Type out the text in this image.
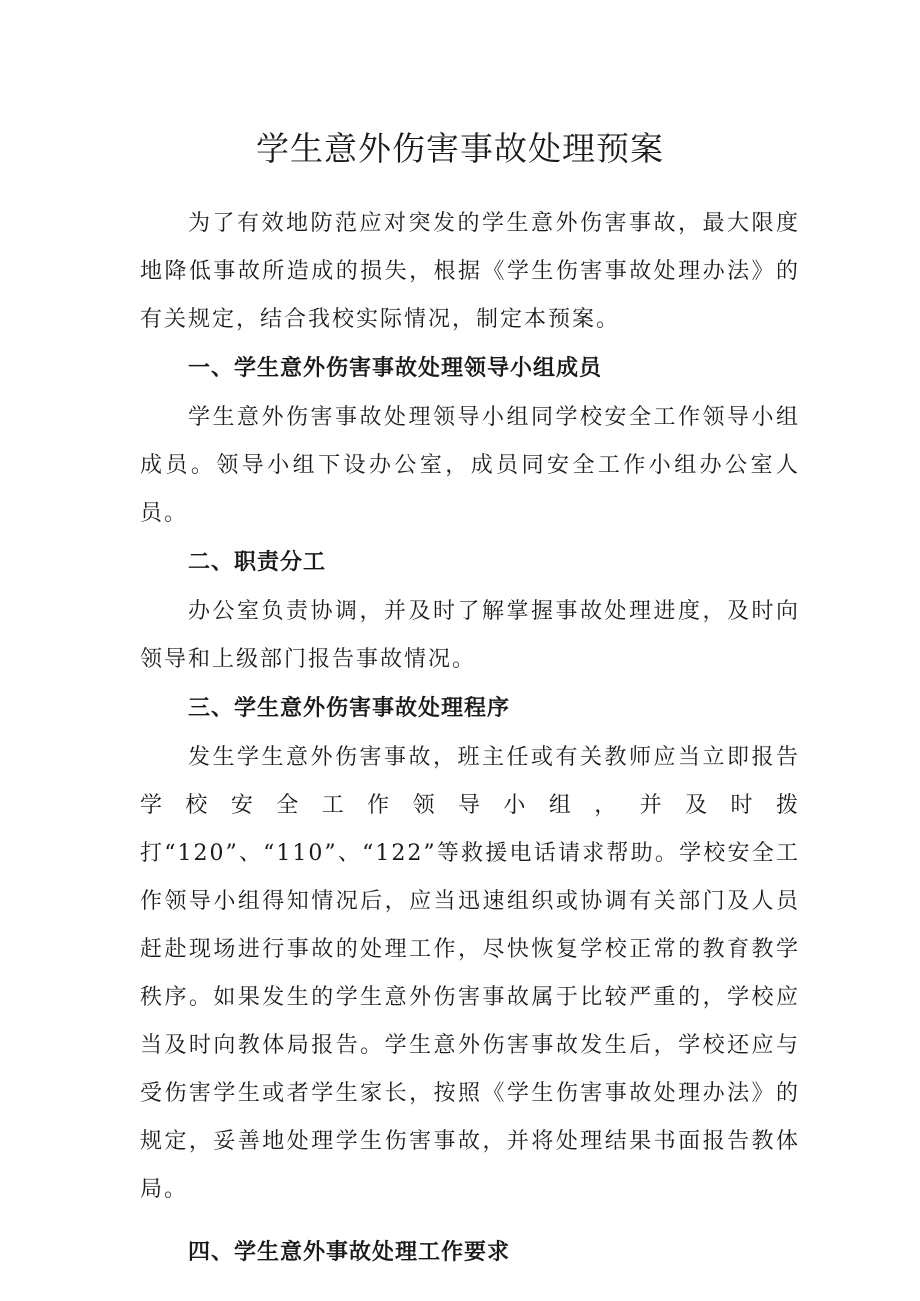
学生意外伤害事故处理预案

为了有效地防范应对突发的学生意外伤害事故，最大限度地降低事故所造成的损失，根据《学生伤害事故处理办法》的有关规定，结合我校实际情况，制定本预案。

一、学生意外伤害事故处理领导小组成员

学生意外伤害事故处理领导小组同学校安全工作领导小组成员。领导小组下设办公室，成员同安全工作小组办公室人员。

二、职责分工

办公室负责协调，并及时了解掌握事故处理进度，及时向领导和上级部门报告事故情况。

三、学生意外伤害事故处理程序

发生学生意外伤害事故，班主任或有关教师应当立即报告学校安全工作领导小组，并及时拨打“120”、“110”、“122”等救援电话请求帮助。学校安全工作领导小组得知情况后，应当迅速组织或协调有关部门及人员赶赴现场进行事故的处理工作，尽快恢复学校正常的教育教学秩序。如果发生的学生意外伤害事故属于比较严重的，学校应当及时向教体局报告。学生意外伤害事故发生后，学校还应与受伤害学生或者学生家长，按照《学生伤害事故处理办法》的规定，妥善地处理学生伤害事故，并将处理结果书面报告教体局。

四、学生意外事故处理工作要求
